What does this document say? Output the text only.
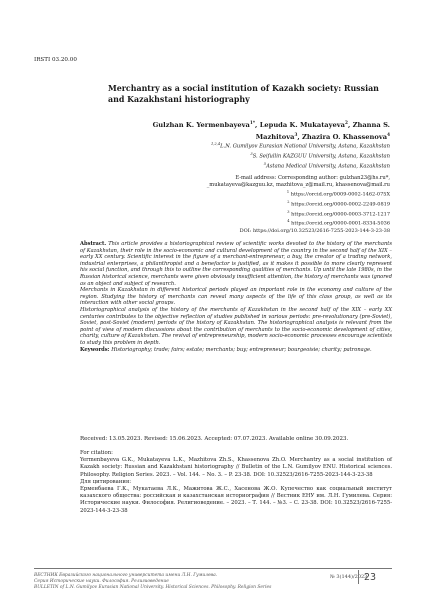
IRSTI 03.20.00
Merchantry as a social institution of Kazakh society: Russian and Kazakhstani historiography
Gulzhan K. Yermenbayeva$^{1*}$, Lepuda K. Mukatayeva$^2$, Zhanna S. Mazhitova$^3$, Zhazira O. Khassenova$^4$
$^{1,2,4}$L.N. Gumilyov Eurasian National University, Astana, Kazakhstan
$^3$S. Seifullin KAZGUU University, Astana, Kazakhstan
$^5$Astana Medical University, Astana, Kazakhstan
E-mail address: Corresponding author: gulzhan23@hs.ru*,
_mukatayeva@kazguu.kz, mazhitova_z@mail.ru, khassenova@mail.ru
$^1$ https://orcid.org/0009-0002-1462-075X
$^2$ https://orcid.org/0000-0002-2249-0819
$^3$ https://orcid.org/0000-0003-3712-1217
$^4$ https://orcid.org/0000-0001-8334-5036
DOI: https://doi.org/10.32523/2616-7255-2023-144-3-23-38

Abstract. This article provides a historiographical review of scientific works devoted to the history of the merchants of Kazakhstan, their role in the socio-economic and cultural development of the country in the second half of the XIX – early XX century. Scientific interest in the figure of a merchant-entrepreneur, a buy, the creator of a trading network, industrial enterprises, a philanthropist and a benefactor is justified, as it makes it possible to more clearly represent his social function, and through this to outline the corresponding qualities of merchants. Up until the late 1980s, in the Russian historical science, merchants were given obviously insufficient attention, the history of merchants was ignored as an object and subject of research.

Merchants in Kazakhstan in different historical periods played an important role in the economy and culture of the region. Studying the history of merchants can reveal many aspects of the life of this class group, as well as its interaction with other social groups.

Historiographical analysis of the history of the merchants of Kazakhstan in the second half of the XIX – early XX centuries contributes to the objective reflection of studies published in various periods: pre-revolutionary (pre-Soviet), Soviet, post-Soviet (modern) periods of the history of Kazakhstan. The historiographical analysis is relevant from the point of view of modern discussions about the contribution of merchants to the socio-economic development of cities, charity, culture of Kazakhstan. The revival of entrepreneurship, modern socio-economic processes encourage scientists to study this problem in depth.

Keywords: Historiography; trade; fairs; estate; merchants; buy; entrepreneur; bourgeoisie; charity; patronage.

Received: 13.05.2023. Revised: 15.06.2023. Accepted: 07.07.2023. Available online 30.09.2023.
For citation:
Yermenbayeva G.K., Mukatayeva L.K., Mazhitova Zh.S., Khassenova Zh.O. Merchantry as a social institution of Kazakh society: Russian and Kazakhstani historiography // Bulletin of the L.N. Gumilyov ENU. Historical sciences. Philosophy. Religion Series. 2023. – Vol. 144. – No. 3. – P. 23-38. DOI: 10.32523/2616-7255-2023-144-3-23-38
Для цитирования:
Ерменбаева Г.К., Мукатаева Л.К., Мажитова Ж.С., Хасенова Ж.О. Купечество как социальный институт казахского общества: российская и казахстанская историография // Вестник ЕНУ им. Л.Н. Гумилева. Серия: Исторические науки. Философия. Религиоведение. – 2023. – Т. 144. – №3. – С. 23-38. DOI: 10.32523/2616-7255-2023-144-3-23-38
ВЕСТНИК Евразийского национального университета имени Л.Н. Гумилева.
Серия Исторические науки. Философия. Религиоведение
BULLETIN of L.N. Gumilyov Eurasian National University. Historical Sciences. Philosophy. Religion Series
№ 3(144)/2023
23
